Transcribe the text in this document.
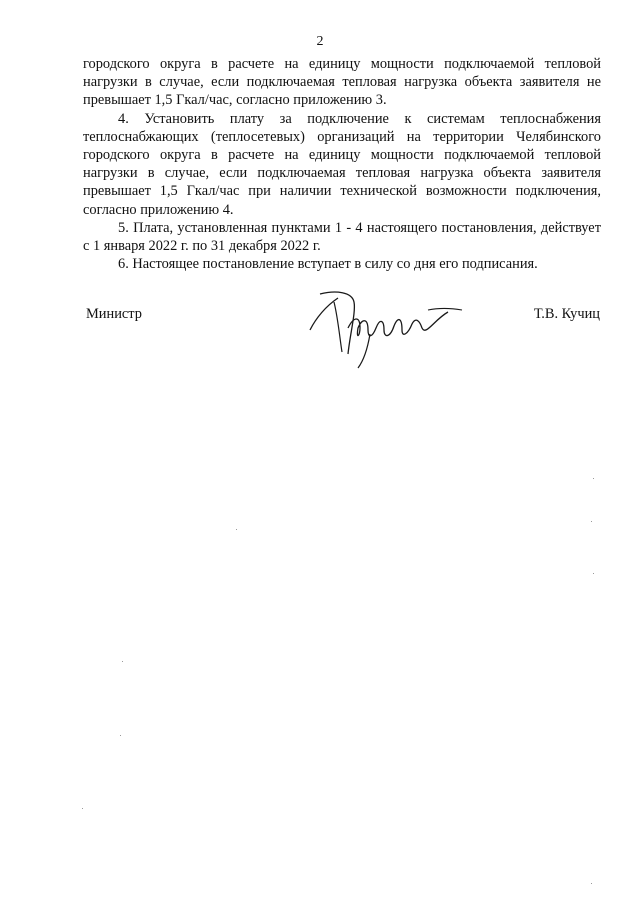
2

городского округа в расчете на единицу мощности подключаемой тепловой нагрузки в случае, если подключаемая тепловая нагрузка объекта заявителя не превышает 1,5 Гкал/час, согласно приложению 3.

4. Установить плату за подключение к системам теплоснабжения теплоснабжающих (теплосетевых) организаций на территории Челябинского городского округа в расчете на единицу мощности подключаемой тепловой нагрузки в случае, если подключаемая тепловая нагрузка объекта заявителя превышает 1,5 Гкал/час при наличии технической возможности подключения, согласно приложению 4.

5. Плата, установленная пунктами 1 - 4 настоящего постановления, действует с 1 января 2022 г. по 31 декабря 2022 г.

6. Настоящее постановление вступает в силу со дня его подписания.

Министр	Т.В. Кучиц
